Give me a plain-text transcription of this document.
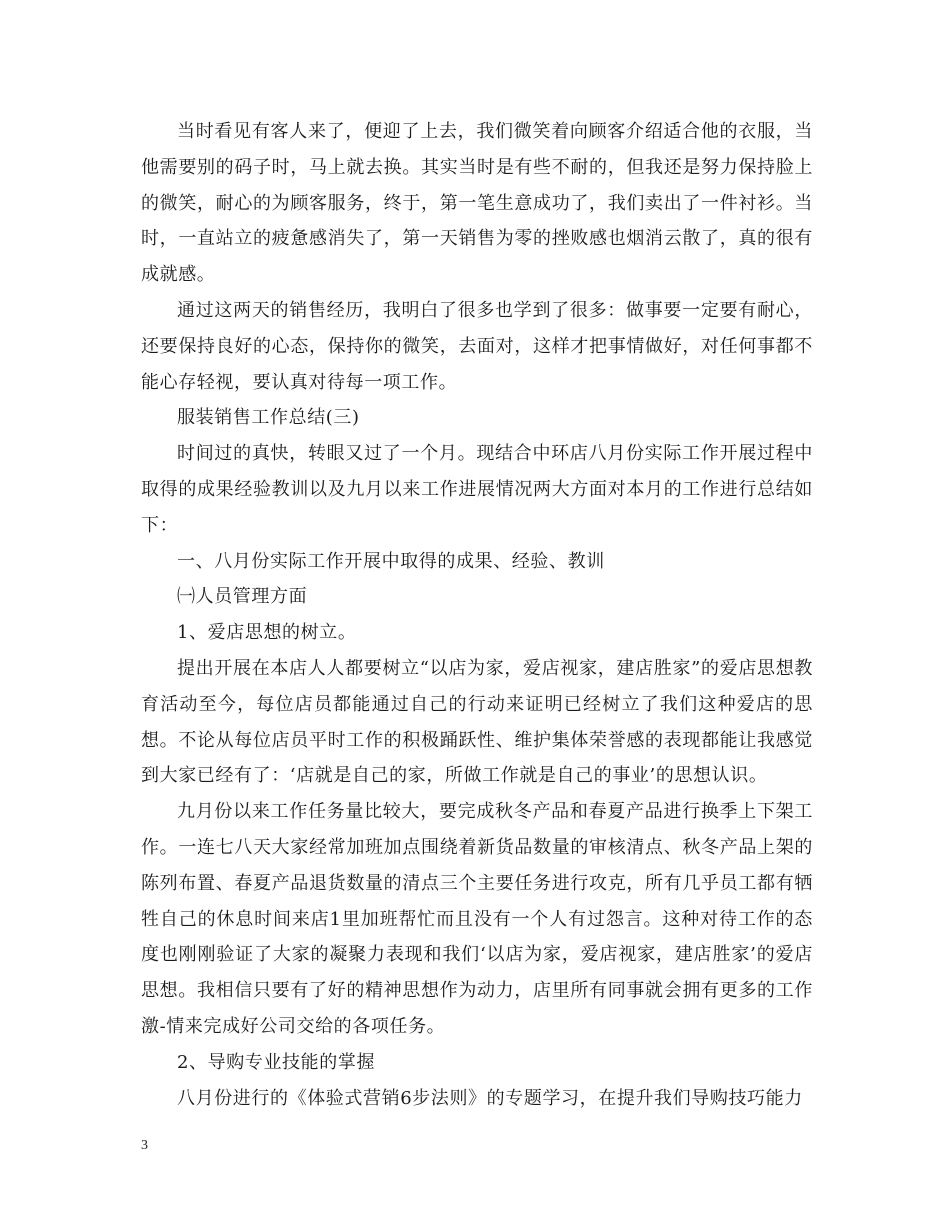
当时看见有客人来了，便迎了上去，我们微笑着向顾客介绍适合他的衣服，当他需要别的码子时，马上就去换。其实当时是有些不耐的，但我还是努力保持脸上的微笑，耐心的为顾客服务，终于，第一笔生意成功了，我们卖出了一件衬衫。当时，一直站立的疲惫感消失了，第一天销售为零的挫败感也烟消云散了，真的很有成就感。

通过这两天的销售经历，我明白了很多也学到了很多：做事要一定要有耐心，还要保持良好的心态，保持你的微笑，去面对，这样才把事情做好，对任何事都不能心存轻视，要认真对待每一项工作。

服装销售工作总结(三)

时间过的真快，转眼又过了一个月。现结合中环店八月份实际工作开展过程中取得的成果经验教训以及九月以来工作进展情况两大方面对本月的工作进行总结如下：

一、八月份实际工作开展中取得的成果、经验、教训

㈠人员管理方面

1、爱店思想的树立。

提出开展在本店人人都要树立“以店为家，爱店视家，建店胜家”的爱店思想教育活动至今，每位店员都能通过自己的行动来证明已经树立了我们这种爱店的思想。不论从每位店员平时工作的积极踊跃性、维护集体荣誉感的表现都能让我感觉到大家已经有了：‘店就是自己的家，所做工作就是自己的事业’的思想认识。

九月份以来工作任务量比较大，要完成秋冬产品和春夏产品进行换季上下架工作。一连七八天大家经常加班加点围绕着新货品数量的审核清点、秋冬产品上架的陈列布置、春夏产品退货数量的清点三个主要任务进行攻克，所有几乎员工都有牺牲自己的休息时间来店1里加班帮忙而且没有一个人有过怨言。这种对待工作的态度也刚刚验证了大家的凝聚力表现和我们‘以店为家，爱店视家，建店胜家’的爱店思想。我相信只要有了好的精神思想作为动力，店里所有同事就会拥有更多的工作激-情来完成好公司交给的各项任务。

2、导购专业技能的掌握

八月份进行的《体验式营销6步法则》的专题学习，在提升我们导购技巧能力

3
